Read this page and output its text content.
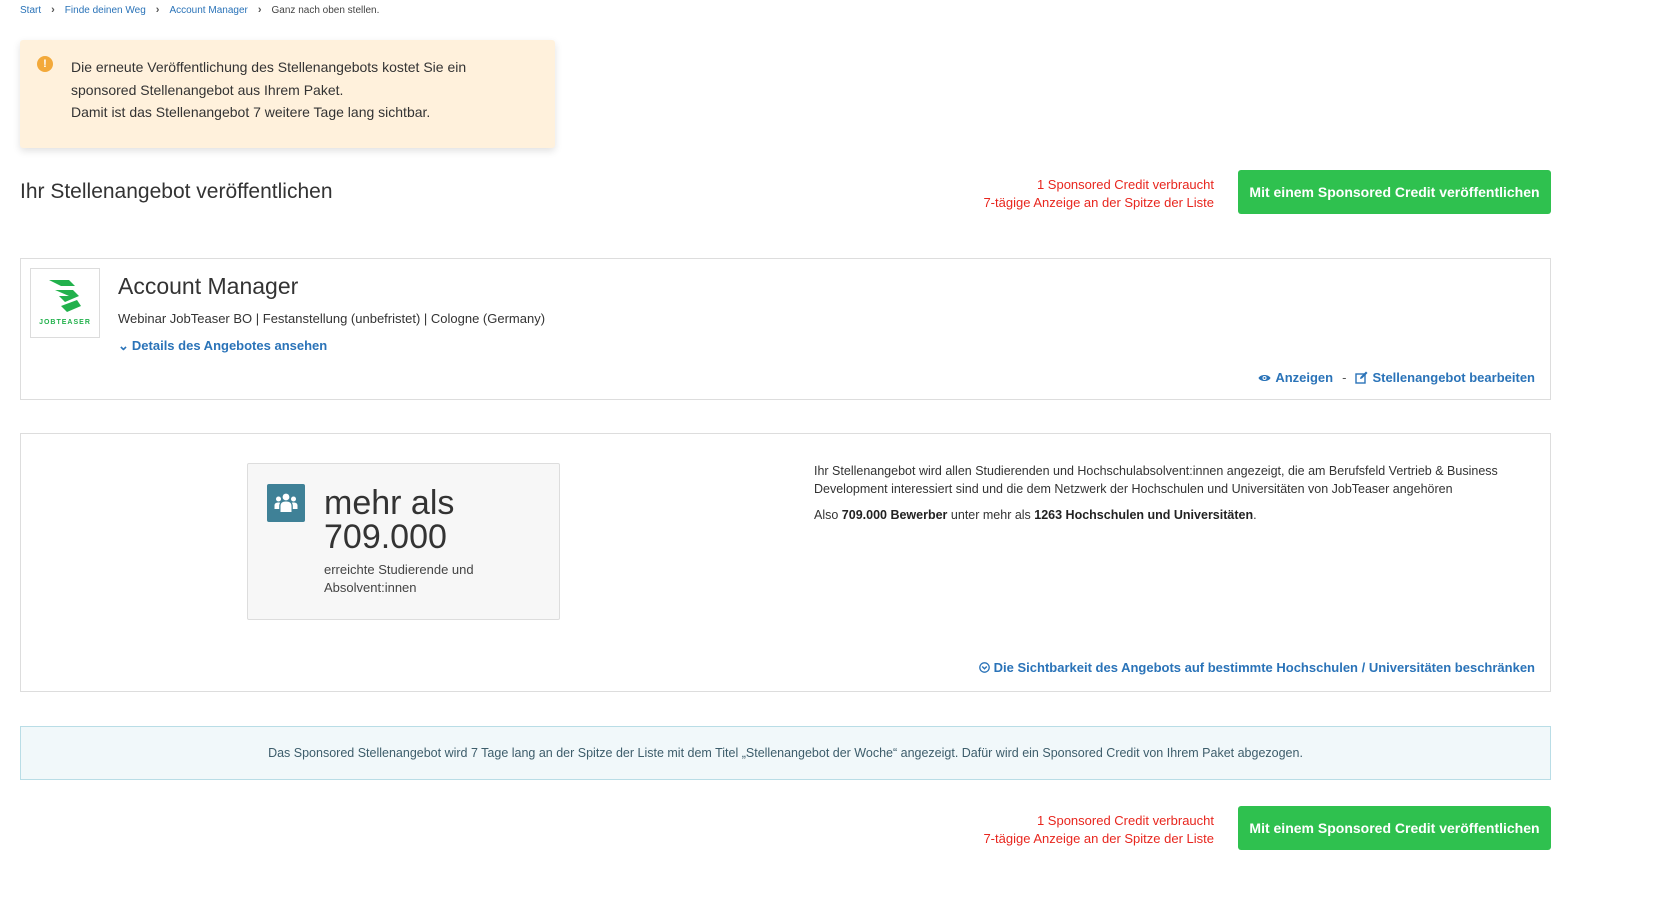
Start › Finde deinen Weg › Account Manager › Ganz nach oben stellen.
!	Die erneute Veröffentlichung des Stellenangebots kostet Sie ein sponsored Stellenangebot aus Ihrem Paket.
Damit ist das Stellenangebot 7 weitere Tage lang sichtbar.
Ihr Stellenangebot veröffentlichen	1 Sponsored Credit verbraucht
7-tägige Anzeige an der Spitze der Liste
Mit einem Sponsored Credit veröffentlichen
JOBTEASER
Account Manager
Webinar JobTeaser BO | Festanstellung (unbefristet) | Cologne (Germany)
⌄ Details des Angebotes ansehen
Anzeigen - Stellenangebot bearbeiten
mehr als 709.000
erreichte Studierende und Absolvent:innen
Ihr Stellenangebot wird allen Studierenden und Hochschulabsolvent:innen angezeigt, die am Berufsfeld Vertrieb & Business Development interessiert sind und die dem Netzwerk der Hochschulen und Universitäten von JobTeaser angehören
Also 709.000 Bewerber unter mehr als 1263 Hochschulen und Universitäten.
Die Sichtbarkeit des Angebots auf bestimmte Hochschulen / Universitäten beschränken
Das Sponsored Stellenangebot wird 7 Tage lang an der Spitze der Liste mit dem Titel „Stellenangebot der Woche“ angezeigt. Dafür wird ein Sponsored Credit von Ihrem Paket abgezogen.
1 Sponsored Credit verbraucht
7-tägige Anzeige an der Spitze der Liste
Mit einem Sponsored Credit veröffentlichen
